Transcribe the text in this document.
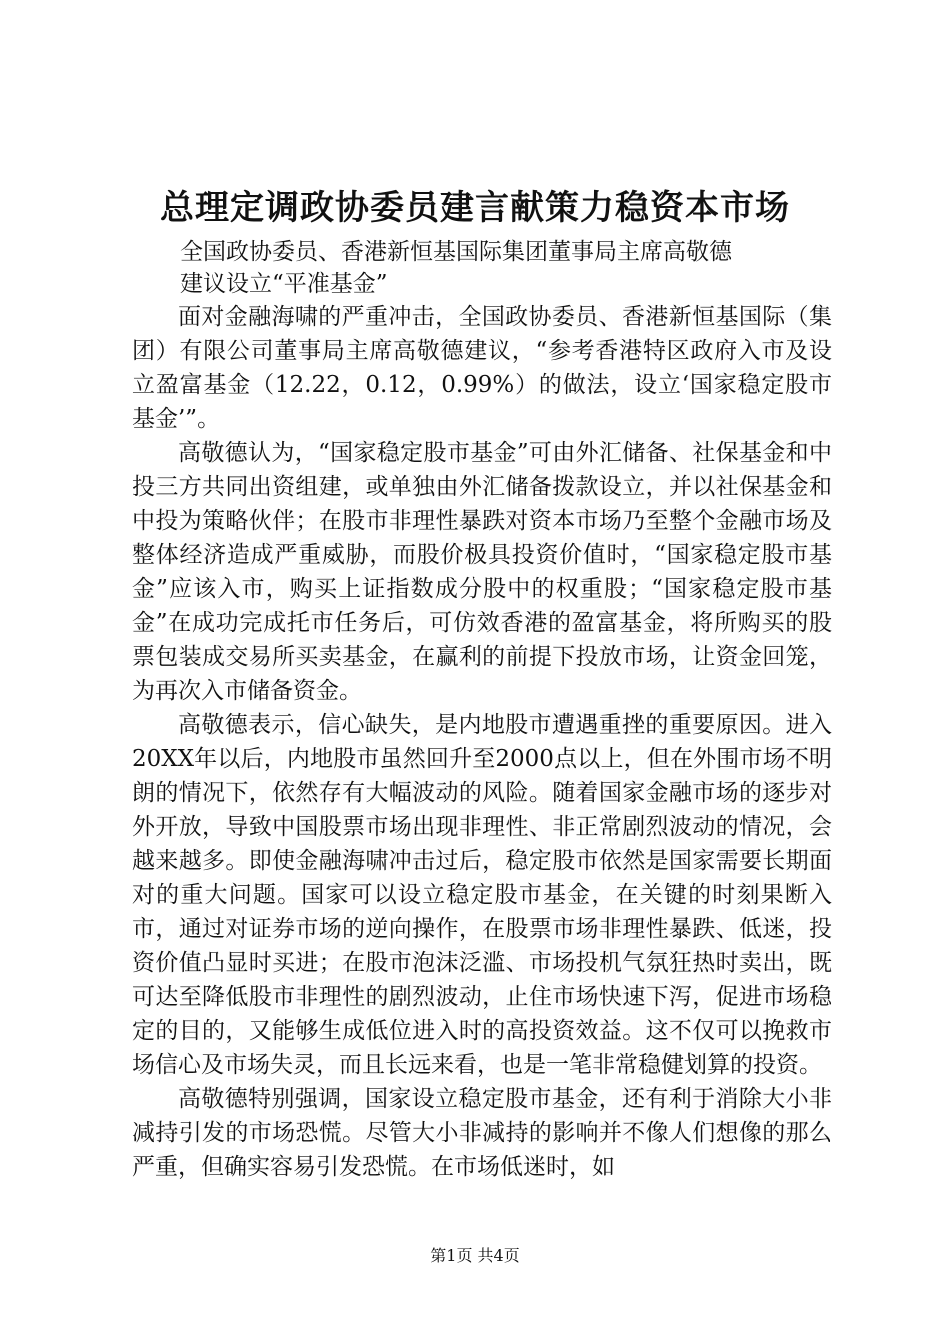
总理定调政协委员建言献策力稳资本市场
全国政协委员、香港新恒基国际集团董事局主席高敬德
建议设立“平准基金”

面对金融海啸的严重冲击，全国政协委员、香港新恒基国际（集团）有限公司董事局主席高敬德建议，“参考香港特区政府入市及设立盈富基金（12.22，0.12，0.99%）的做法，设立‘国家稳定股市基金’”。

高敬德认为，“国家稳定股市基金”可由外汇储备、社保基金和中投三方共同出资组建，或单独由外汇储备拨款设立，并以社保基金和中投为策略伙伴；在股市非理性暴跌对资本市场乃至整个金融市场及整体经济造成严重威胁，而股价极具投资价值时，“国家稳定股市基金”应该入市，购买上证指数成分股中的权重股；“国家稳定股市基金”在成功完成托市任务后，可仿效香港的盈富基金，将所购买的股票包装成交易所买卖基金，在赢利的前提下投放市场，让资金回笼，为再次入市储备资金。

高敬德表示，信心缺失，是内地股市遭遇重挫的重要原因。进入20XX年以后，内地股市虽然回升至2000点以上，但在外围市场不明朗的情况下，依然存有大幅波动的风险。随着国家金融市场的逐步对外开放，导致中国股票市场出现非理性、非正常剧烈波动的情况，会越来越多。即使金融海啸冲击过后，稳定股市依然是国家需要长期面对的重大问题。国家可以设立稳定股市基金，在关键的时刻果断入市，通过对证券市场的逆向操作，在股票市场非理性暴跌、低迷，投资价值凸显时买进；在股市泡沫泛滥、市场投机气氛狂热时卖出，既可达至降低股市非理性的剧烈波动，止住市场快速下泻，促进市场稳定的目的，又能够生成低位进入时的高投资效益。这不仅可以挽救市场信心及市场失灵，而且长远来看，也是一笔非常稳健划算的投资。

高敬德特别强调，国家设立稳定股市基金，还有利于消除大小非减持引发的市场恐慌。尽管大小非减持的影响并不像人们想像的那么严重，但确实容易引发恐慌。在市场低迷时，如

第1页 共4页
